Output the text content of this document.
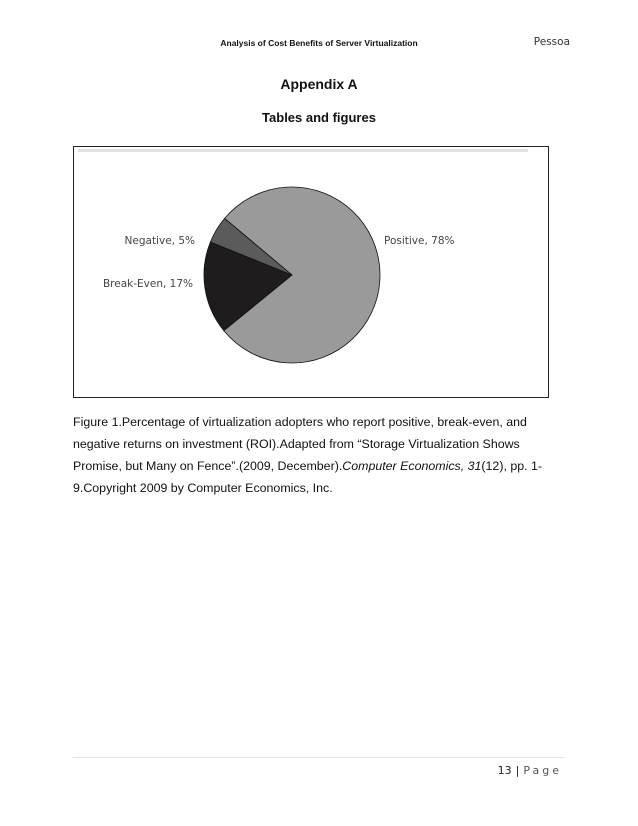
Analysis of Cost Benefits of Server Virtualization	Pessoa
Appendix A
Tables and figures
Positive, 78%
Break-Even, 17%
Negative, 5%
Figure 1.Percentage of virtualization adopters who report positive, break-even, and negative returns on investment (ROI).Adapted from “Storage Virtualization Shows Promise, but Many on Fence”.(2009, December).Computer Economics, 31(12), pp. 1-9.Copyright 2009 by Computer Economics, Inc.
13 | Page
